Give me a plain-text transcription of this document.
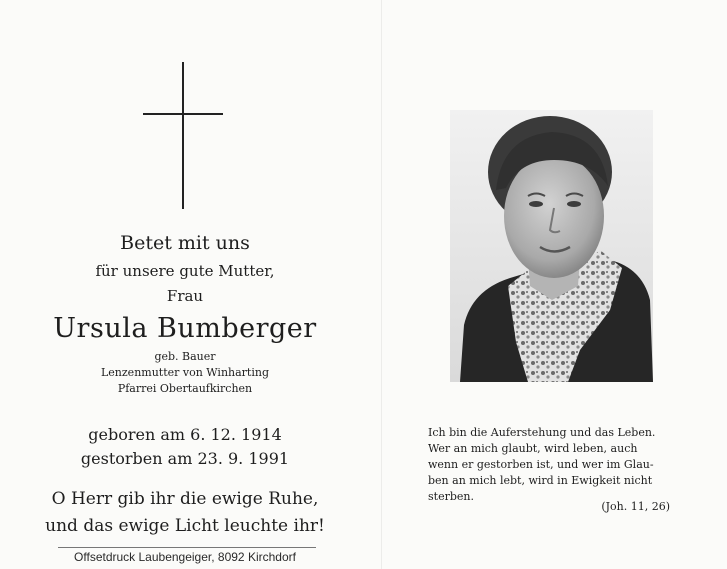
Betet mit uns
für unsere gute Mutter,
Frau
Ursula Bumberger
geb. Bauer
Lenzenmutter von Winharting
Pfarrei Obertaufkirchen
geboren am 6. 12. 1914
gestorben am 23. 9. 1991
O Herr gib ihr die ewige Ruhe,
und das ewige Licht leuchte ihr!
Offsetdruck Laubengeiger, 8092 Kirchdorf
Ich bin die Auferstehung und das Leben.
Wer an mich glaubt, wird leben, auch
wenn er gestorben ist, und wer im Glau-
ben an mich lebt, wird in Ewigkeit nicht
sterben.
(Joh. 11, 26)
